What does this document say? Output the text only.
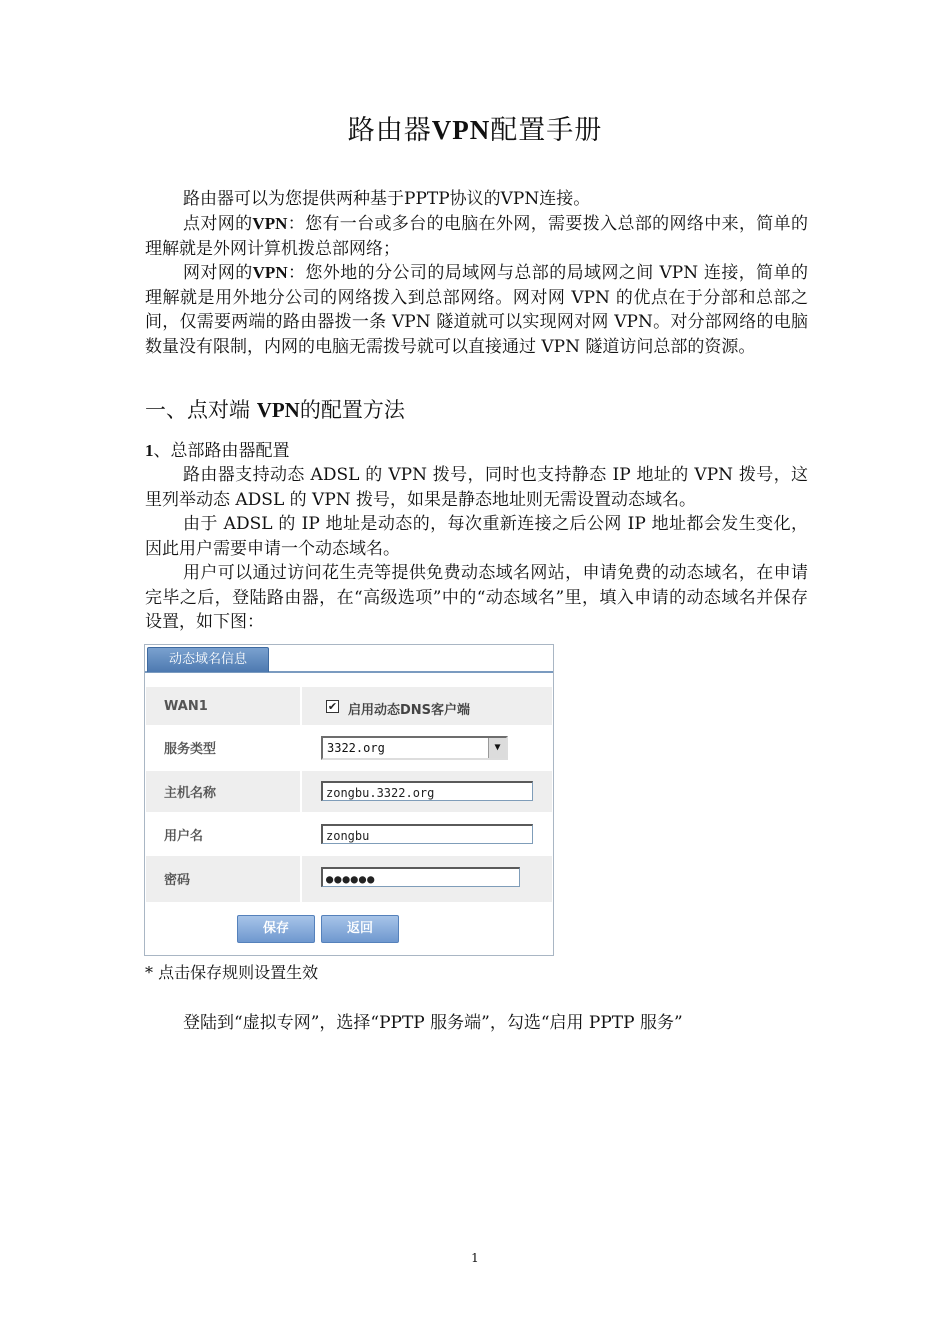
路由器VPN配置手册
路由器可以为您提供两种基于PPTP协议的VPN连接。
点对网的VPN：您有一台或多台的电脑在外网，需要拨入总部的网络中来，简单的理解就是外网计算机拨总部网络；
网对网的VPN：您外地的分公司的局域网与总部的局域网之间 VPN 连接，简单的理解就是用外地分公司的网络拨入到总部网络。网对网 VPN 的优点在于分部和总部之间，仅需要两端的路由器拨一条 VPN 隧道就可以实现网对网 VPN。对分部网络的电脑数量没有限制，内网的电脑无需拨号就可以直接通过 VPN 隧道访问总部的资源。
一、点对端 VPN的配置方法
1、总部路由器配置
路由器支持动态 ADSL 的 VPN 拨号，同时也支持静态 IP 地址的 VPN 拨号，这里列举动态 ADSL 的 VPN 拨号，如果是静态地址则无需设置动态域名。
由于 ADSL 的 IP 地址是动态的，每次重新连接之后公网 IP 地址都会发生变化，因此用户需要申请一个动态域名。
用户可以通过访问花生壳等提供免费动态域名网站，申请免费的动态域名，在申请完毕之后，登陆路由器，在“高级选项”中的“动态域名”里，填入申请的动态域名并保存设置，如下图：
动态域名信息
WAN1	✔ 启用动态DNS客户端
服务类型	3322.org	▼
主机名称	zongbu.3322.org
用户名	zongbu
密码	●●●●●●
保存	返回
* 点击保存规则设置生效
登陆到“虚拟专网”，选择“PPTP 服务端”，勾选“启用 PPTP 服务”
1
